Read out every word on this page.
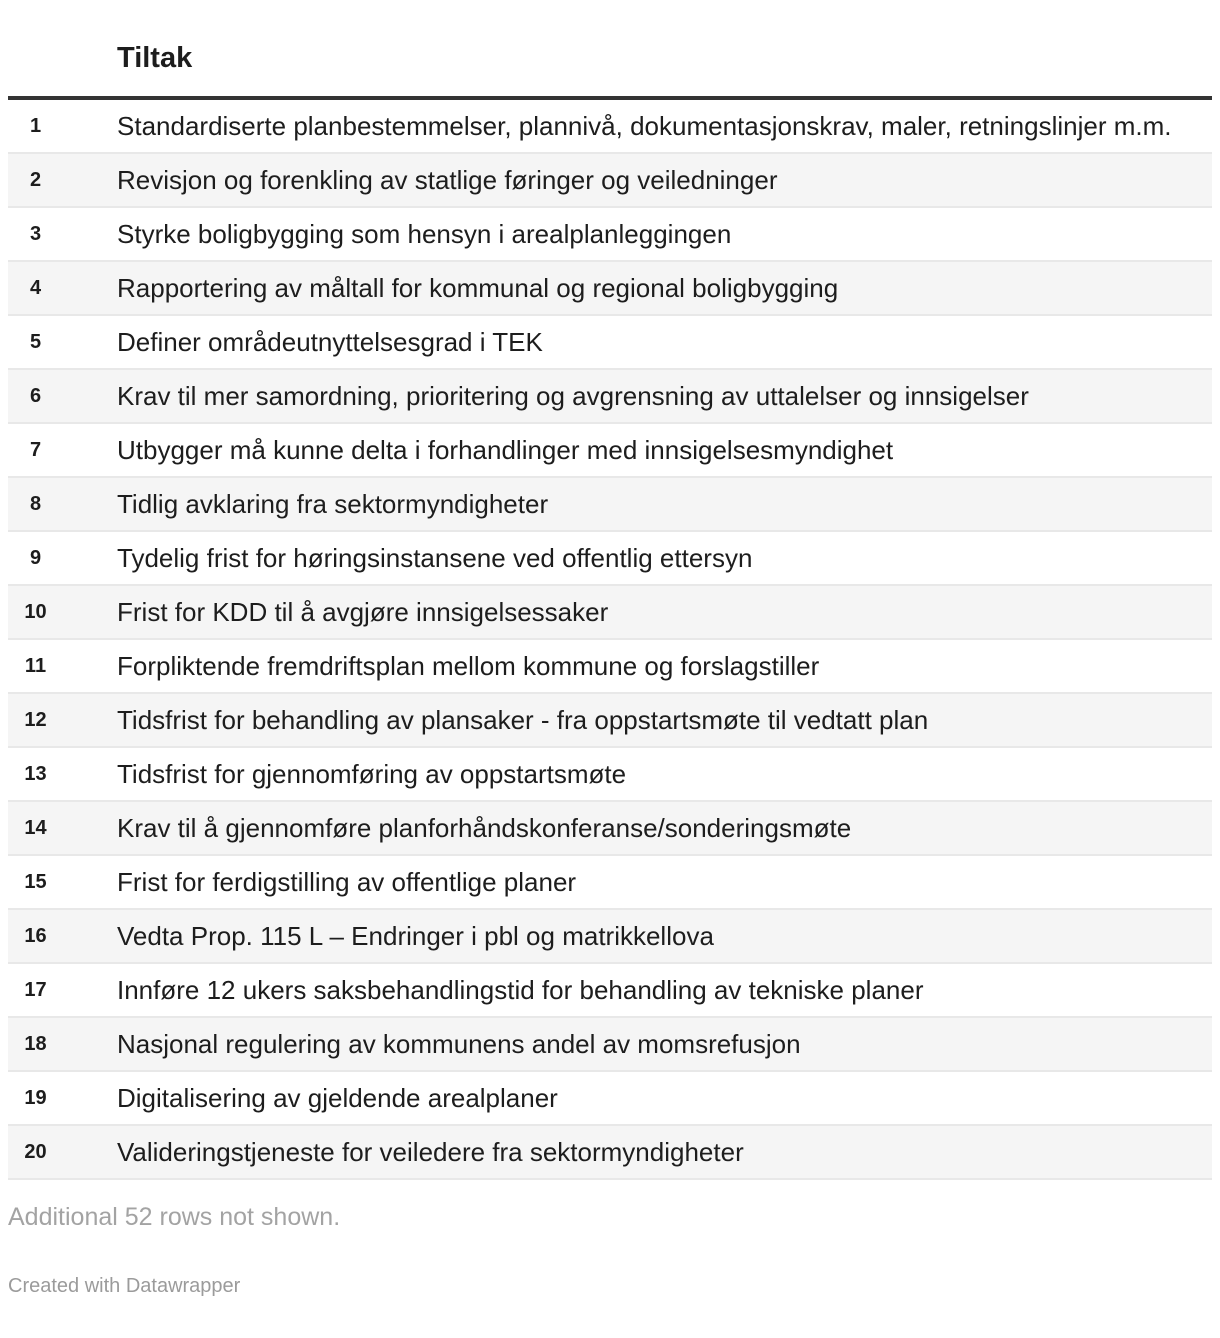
	Tiltak
1	Standardiserte planbestemmelser, plannivå, dokumentasjonskrav, maler, retningslinjer m.m.
2	Revisjon og forenkling av statlige føringer og veiledninger
3	Styrke boligbygging som hensyn i arealplanleggingen
4	Rapportering av måltall for kommunal og regional boligbygging
5	Definer områdeutnyttelsesgrad i TEK
6	Krav til mer samordning, prioritering og avgrensning av uttalelser og innsigelser
7	Utbygger må kunne delta i forhandlinger med innsigelsesmyndighet
8	Tidlig avklaring fra sektormyndigheter
9	Tydelig frist for høringsinstansene ved offentlig ettersyn
10	Frist for KDD til å avgjøre innsigelsessaker
11	Forpliktende fremdriftsplan mellom kommune og forslagstiller
12	Tidsfrist for behandling av plansaker - fra oppstartsmøte til vedtatt plan
13	Tidsfrist for gjennomføring av oppstartsmøte
14	Krav til å gjennomføre planforhåndskonferanse/sonderingsmøte
15	Frist for ferdigstilling av offentlige planer
16	Vedta Prop. 115 L – Endringer i pbl og matrikkellova
17	Innføre 12 ukers saksbehandlingstid for behandling av tekniske planer
18	Nasjonal regulering av kommunens andel av momsrefusjon
19	Digitalisering av gjeldende arealplaner
20	Valideringstjeneste for veiledere fra sektormyndigheter
Additional 52 rows not shown.
Created with Datawrapper
